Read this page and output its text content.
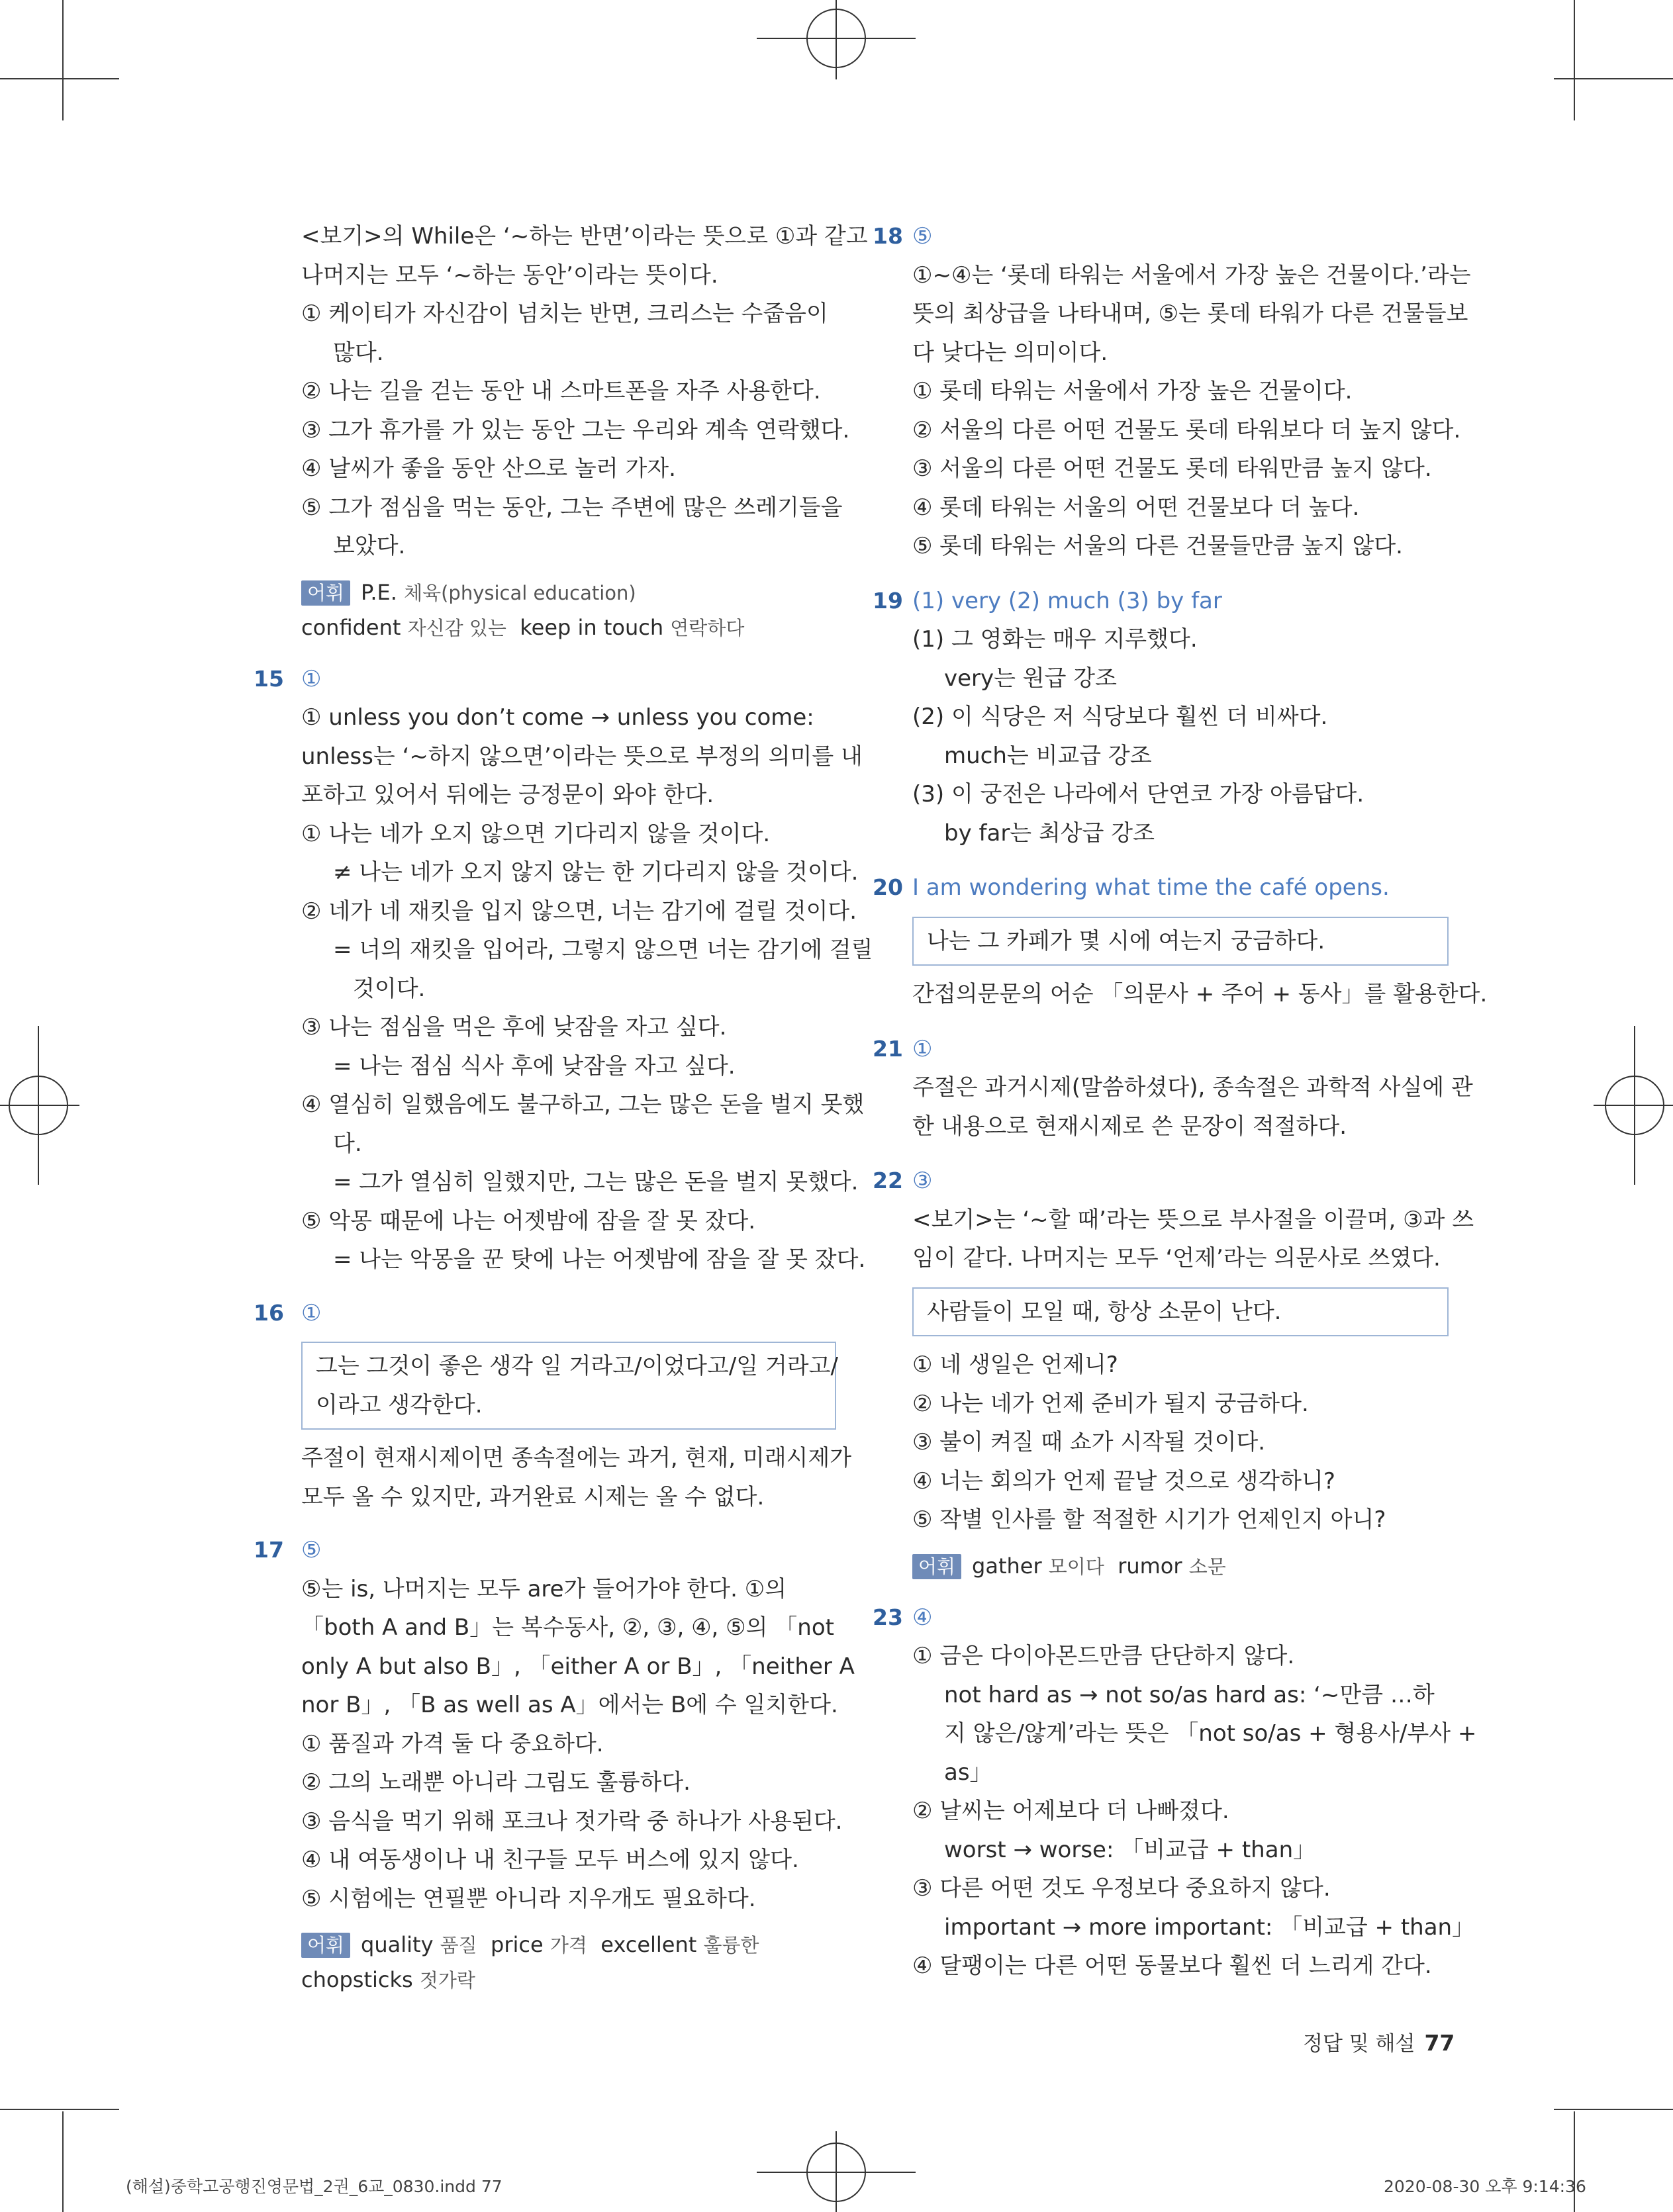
<보기>의 While은 ‘~하는 반면’이라는 뜻으로 ①과 같고
나머지는 모두 ‘~하는 동안’이라는 뜻이다.
① 케이티가 자신감이 넘치는 반면, 크리스는 수줍음이
많다.
② 나는 길을 걷는 동안 내 스마트폰을 자주 사용한다.
③ 그가 휴가를 가 있는 동안 그는 우리와 계속 연락했다.
④ 날씨가 좋을 동안 산으로 놀러 가자.
⑤ 그가 점심을 먹는 동안, 그는 주변에 많은 쓰레기들을
보았다.
어휘 P.E. 체육(physical education)
confident 자신감 있는 keep in touch 연락하다
15 ①
① unless you don’t come → unless you come:
unless는 ‘~하지 않으면’이라는 뜻으로 부정의 의미를 내
포하고 있어서 뒤에는 긍정문이 와야 한다.
① 나는 네가 오지 않으면 기다리지 않을 것이다.
≠ 나는 네가 오지 않지 않는 한 기다리지 않을 것이다.
② 네가 네 재킷을 입지 않으면, 너는 감기에 걸릴 것이다.
= 너의 재킷을 입어라, 그렇지 않으면 너는 감기에 걸릴
것이다.
③ 나는 점심을 먹은 후에 낮잠을 자고 싶다.
= 나는 점심 식사 후에 낮잠을 자고 싶다.
④ 열심히 일했음에도 불구하고, 그는 많은 돈을 벌지 못했
다.
= 그가 열심히 일했지만, 그는 많은 돈을 벌지 못했다.
⑤ 악몽 때문에 나는 어젯밤에 잠을 잘 못 잤다.
= 나는 악몽을 꾼 탓에 나는 어젯밤에 잠을 잘 못 잤다.
16 ①
그는 그것이 좋은 생각 일 거라고/이었다고/일 거라고/
이라고 생각한다.
주절이 현재시제이면 종속절에는 과거, 현재, 미래시제가
모두 올 수 있지만, 과거완료 시제는 올 수 없다.
17 ⑤
⑤는 is, 나머지는 모두 are가 들어가야 한다. ①의
「both A and B」는 복수동사, ②, ③, ④, ⑤의 「not
only A but also B」, 「either A or B」, 「neither A
nor B」, 「B as well as A」에서는 B에 수 일치한다.
① 품질과 가격 둘 다 중요하다.
② 그의 노래뿐 아니라 그림도 훌륭하다.
③ 음식을 먹기 위해 포크나 젓가락 중 하나가 사용된다.
④ 내 여동생이나 내 친구들 모두 버스에 있지 않다.
⑤ 시험에는 연필뿐 아니라 지우개도 필요하다.
어휘 quality 품질 price 가격 excellent 훌륭한
chopsticks 젓가락
18 ⑤
①~④는 ‘롯데 타워는 서울에서 가장 높은 건물이다.’라는
뜻의 최상급을 나타내며, ⑤는 롯데 타워가 다른 건물들보
다 낮다는 의미이다.
① 롯데 타워는 서울에서 가장 높은 건물이다.
② 서울의 다른 어떤 건물도 롯데 타워보다 더 높지 않다.
③ 서울의 다른 어떤 건물도 롯데 타워만큼 높지 않다.
④ 롯데 타워는 서울의 어떤 건물보다 더 높다.
⑤ 롯데 타워는 서울의 다른 건물들만큼 높지 않다.
19 (1) very (2) much (3) by far
(1) 그 영화는 매우 지루했다.
very는 원급 강조
(2) 이 식당은 저 식당보다 훨씬 더 비싸다.
much는 비교급 강조
(3) 이 궁전은 나라에서 단연코 가장 아름답다.
by far는 최상급 강조
20 I am wondering what time the café opens.
나는 그 카페가 몇 시에 여는지 궁금하다.
간접의문문의 어순 「의문사 + 주어 + 동사」를 활용한다.
21 ①
주절은 과거시제(말씀하셨다), 종속절은 과학적 사실에 관
한 내용으로 현재시제로 쓴 문장이 적절하다.
22 ③
<보기>는 ‘~할 때’라는 뜻으로 부사절을 이끌며, ③과 쓰
임이 같다. 나머지는 모두 ‘언제’라는 의문사로 쓰였다.
사람들이 모일 때, 항상 소문이 난다.
① 네 생일은 언제니?
② 나는 네가 언제 준비가 될지 궁금하다.
③ 불이 켜질 때 쇼가 시작될 것이다.
④ 너는 회의가 언제 끝날 것으로 생각하니?
⑤ 작별 인사를 할 적절한 시기가 언제인지 아니?
어휘 gather 모이다 rumor 소문
23 ④
① 금은 다이아몬드만큼 단단하지 않다.
not hard as → not so/as hard as: ‘~만큼 …하
지 않은/않게’라는 뜻은 「not so/as + 형용사/부사 +
as」
② 날씨는 어제보다 더 나빠졌다.
worst → worse: 「비교급 + than」
③ 다른 어떤 것도 우정보다 중요하지 않다.
important → more important: 「비교급 + than」
④ 달팽이는 다른 어떤 동물보다 훨씬 더 느리게 간다.
정답 및 해설 77
(해설)중학고공행진영문법_2권_6교_0830.indd 77	2020-08-30 오후 9:14:36
